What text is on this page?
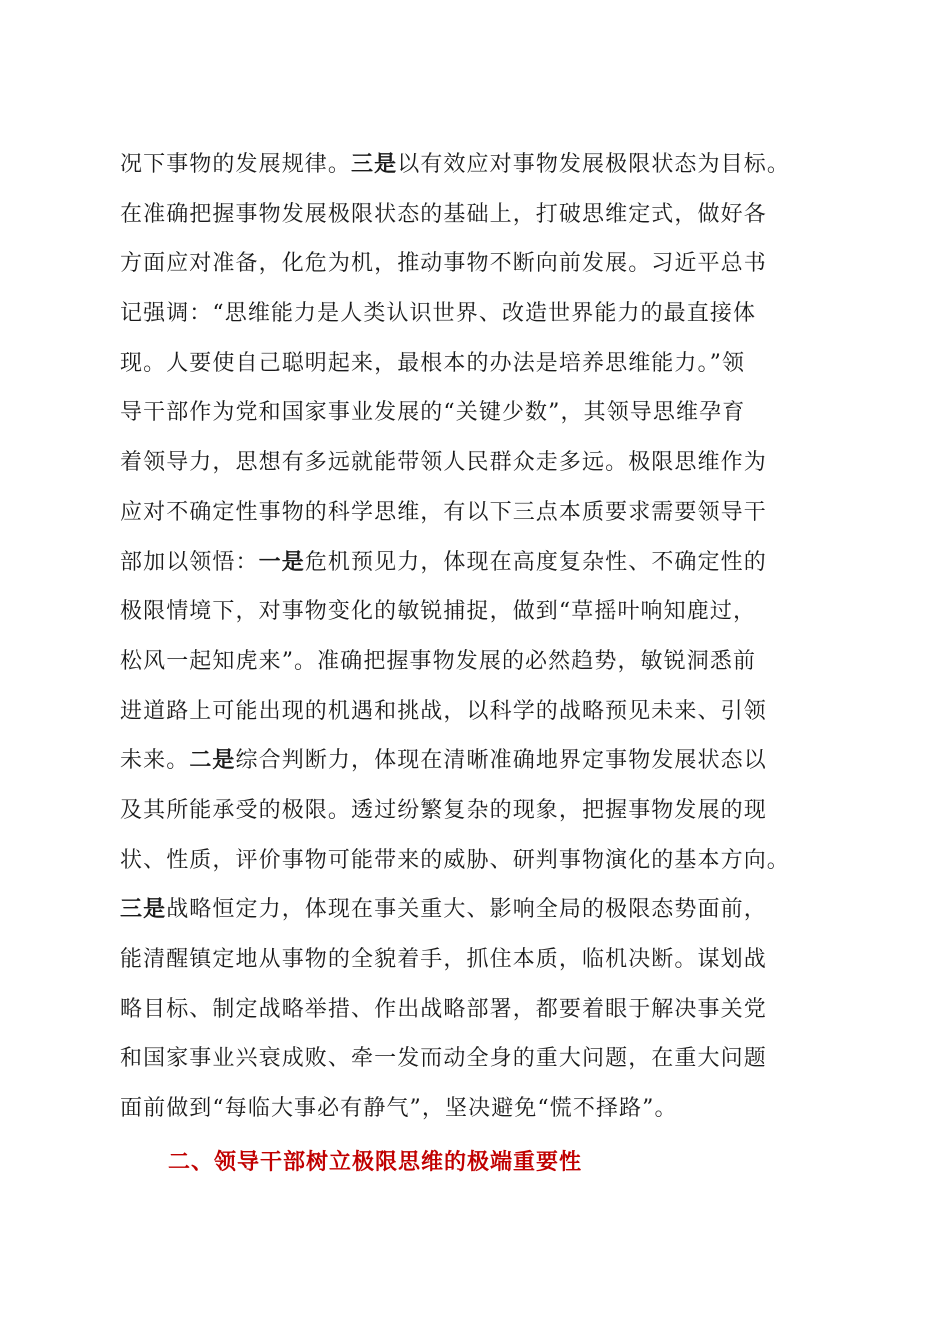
况下事物的发展规律。三是以有效应对事物发展极限状态为目标。
在准确把握事物发展极限状态的基础上，打破思维定式，做好各
方面应对准备，化危为机，推动事物不断向前发展。习近平总书
记强调：“思维能力是人类认识世界、改造世界能力的最直接体
现。人要使自己聪明起来，最根本的办法是培养思维能力。”领
导干部作为党和国家事业发展的“关键少数”，其领导思维孕育
着领导力，思想有多远就能带领人民群众走多远。极限思维作为
应对不确定性事物的科学思维，有以下三点本质要求需要领导干
部加以领悟：一是危机预见力，体现在高度复杂性、不确定性的
极限情境下，对事物变化的敏锐捕捉，做到“草摇叶响知鹿过，
松风一起知虎来”。准确把握事物发展的必然趋势，敏锐洞悉前
进道路上可能出现的机遇和挑战，以科学的战略预见未来、引领
未来。二是综合判断力，体现在清晰准确地界定事物发展状态以
及其所能承受的极限。透过纷繁复杂的现象，把握事物发展的现
状、性质，评价事物可能带来的威胁、研判事物演化的基本方向。
三是战略恒定力，体现在事关重大、影响全局的极限态势面前，
能清醒镇定地从事物的全貌着手，抓住本质，临机决断。谋划战
略目标、制定战略举措、作出战略部署，都要着眼于解决事关党
和国家事业兴衰成败、牵一发而动全身的重大问题，在重大问题
面前做到“每临大事必有静气”，坚决避免“慌不择路”。
二、领导干部树立极限思维的极端重要性
